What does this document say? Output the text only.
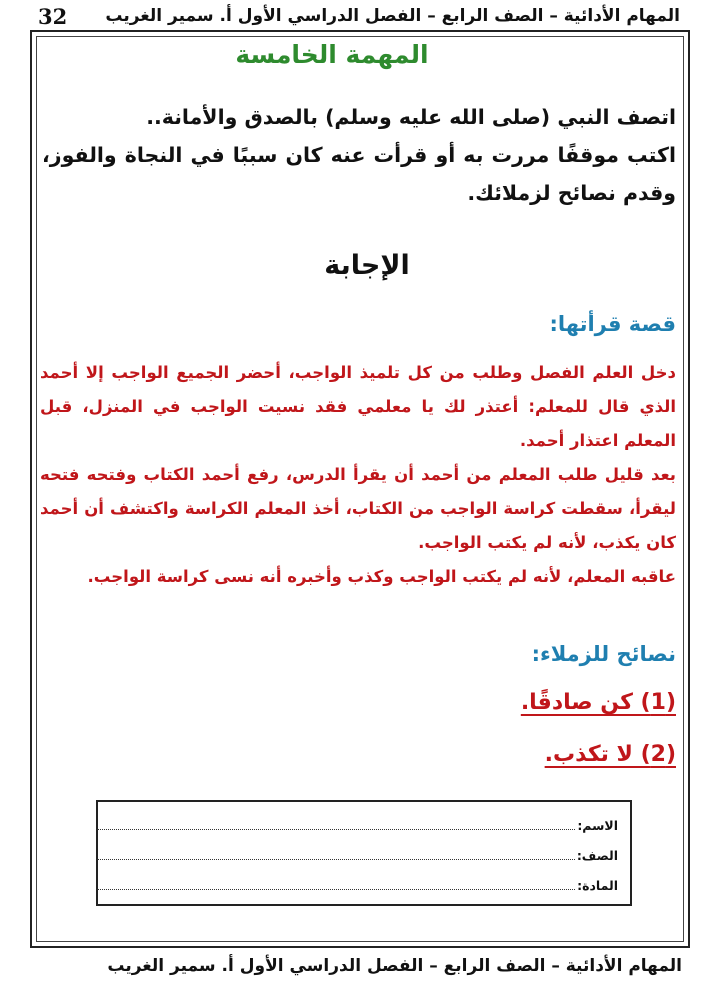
المهام الأدائية – الصف الرابع – الفصل الدراسي الأول أ. سمير الغريب
32
المهمة الخامسة

اتصف النبي (صلى الله عليه وسلم) بالصدق والأمانة..

اكتب موقفًا مررت به أو قرأت عنه كان سببًا في النجاة والفوز، وقدم نصائح لزملائك.

الإجابة
قصة قرأتها:

دخل العلم الفصل وطلب من كل تلميذ الواجب، أحضر الجميع الواجب إلا أحمد الذي قال للمعلم: أعتذر لك يا معلمي فقد نسيت الواجب في المنزل، قبل المعلم اعتذار أحمد.

بعد قليل طلب المعلم من أحمد أن يقرأ الدرس، رفع أحمد الكتاب وفتحه فتحه ليقرأ، سقطت كراسة الواجب من الكتاب، أخذ المعلم الكراسة واكتشف أن أحمد كان يكذب، لأنه لم يكتب الواجب.

عاقبه المعلم، لأنه لم يكتب الواجب وكذب وأخبره أنه نسى كراسة الواجب.

نصائح للزملاء:
(1) كن صادقًا.
(2) لا تكذب.
الاسم:
الصف:
المادة:
المهام الأدائية – الصف الرابع – الفصل الدراسي الأول أ. سمير الغريب
